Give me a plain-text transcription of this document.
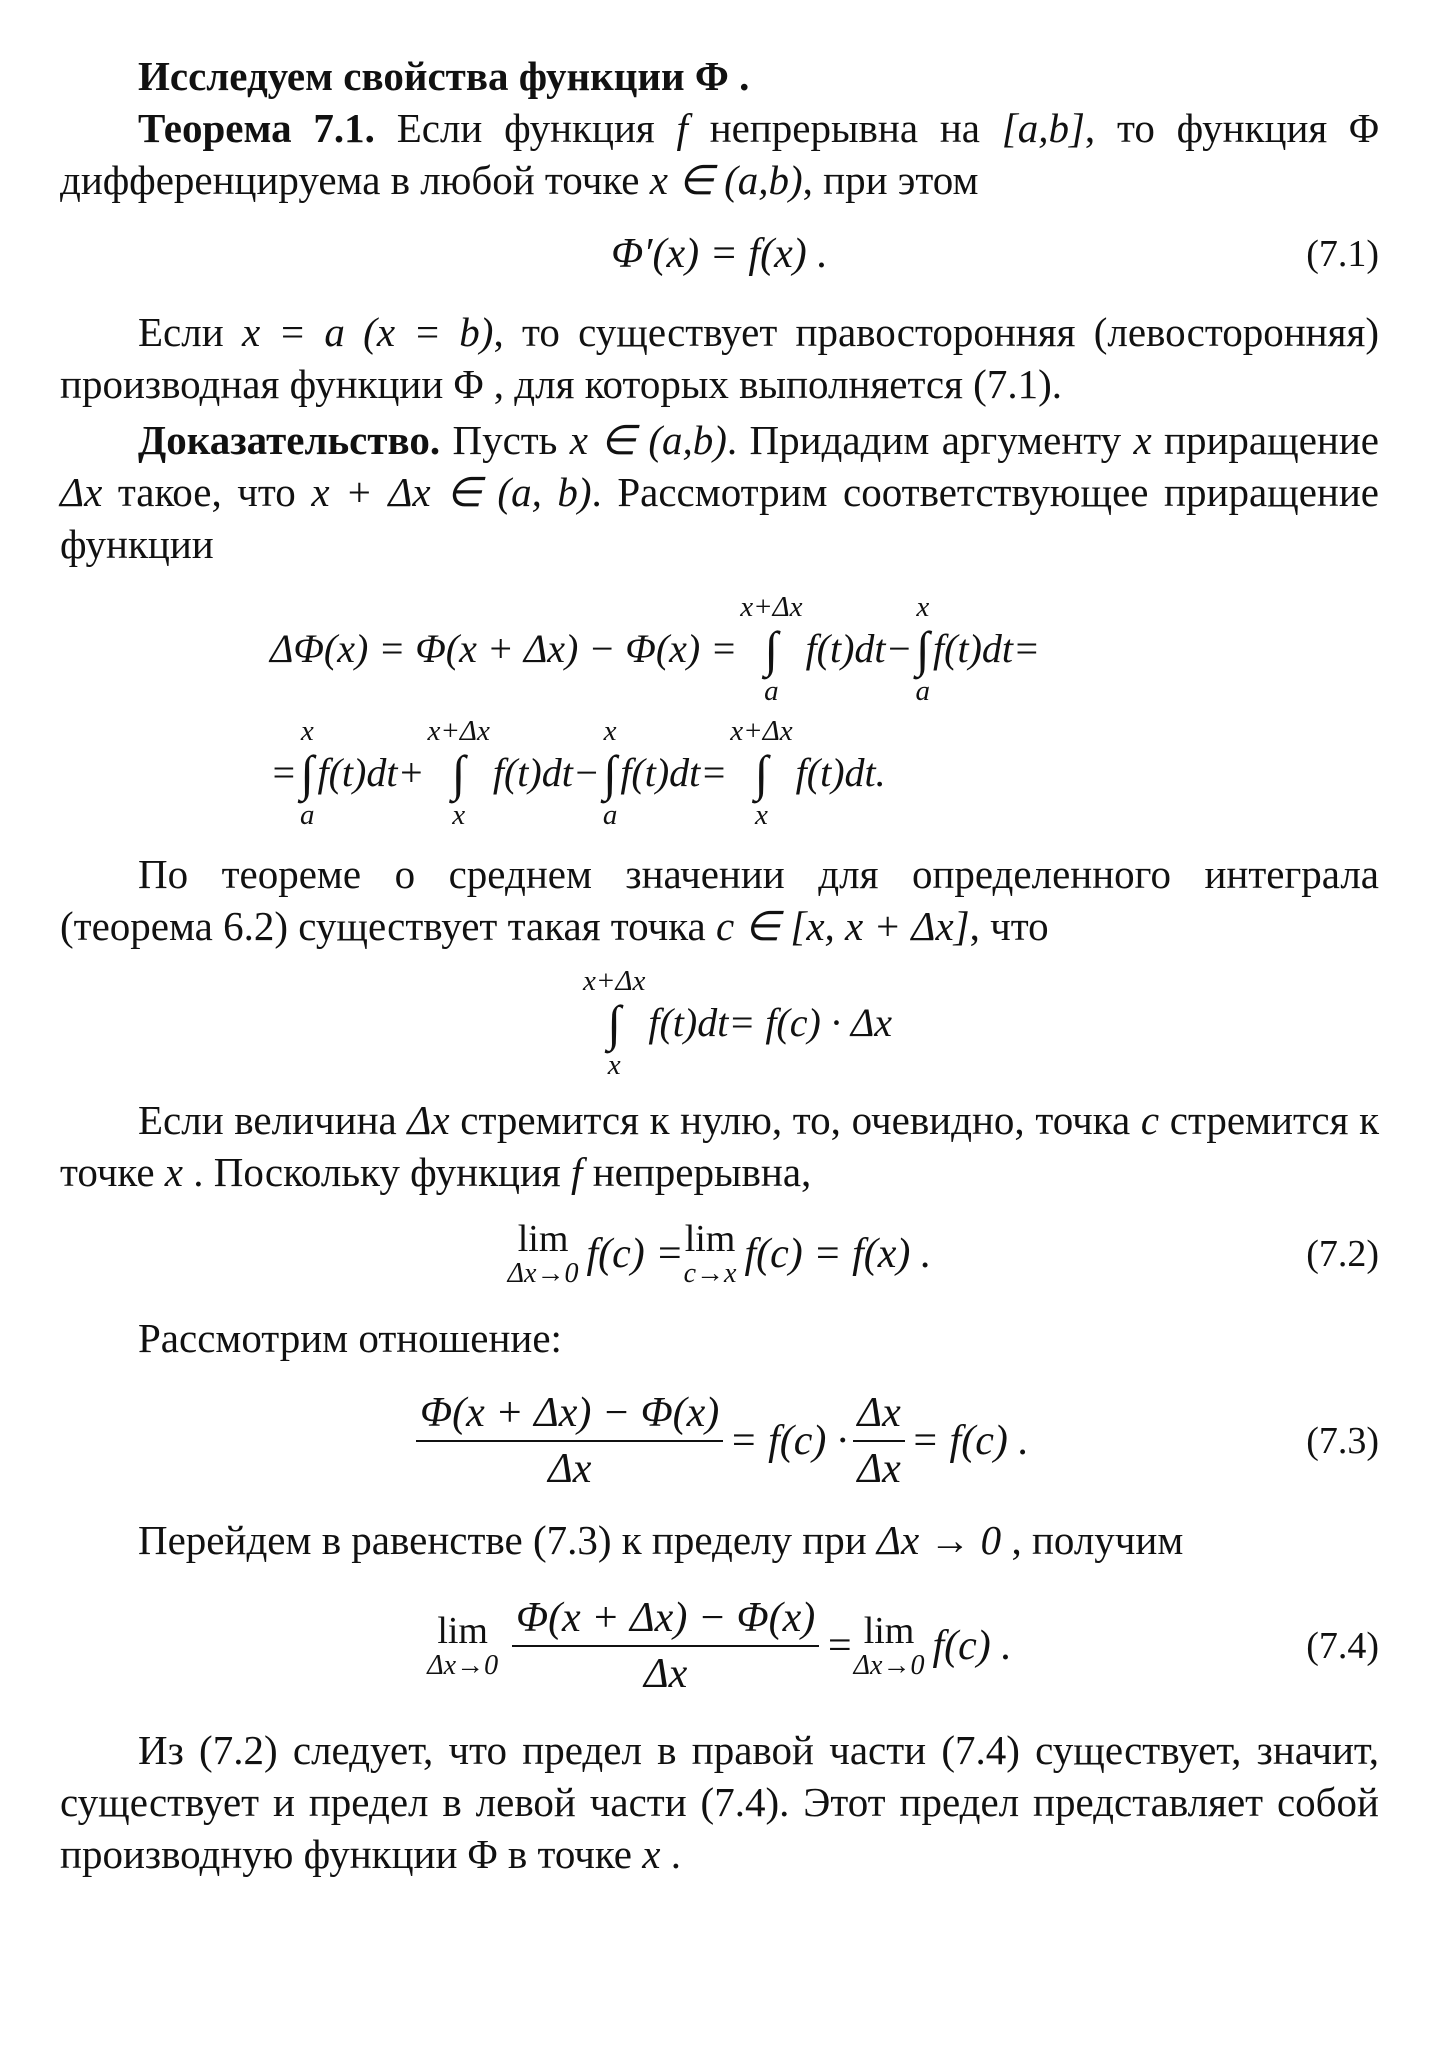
Исследуем свойства функции Φ .

Теорема 7.1. Если функция f непрерывна на [a,b], то функция Φ дифференцируема в любой точке x ∈ (a,b), при этом

Φ′(x) = f(x) .	(7.1)

Если x = a (x = b), то существует правосторонняя (левосторонняя) производная функции Φ , для которых выполняется (7.1).

Доказательство. Пусть x ∈ (a,b). Придадим аргументу x приращение Δx такое, что x + Δx ∈ (a, b). Рассмотрим соответствующее приращение функции

ΔΦ(x) = Φ(x + Δx) − Φ(x) =
x+Δx
∫
a
f(t)dt −
x
∫
a
f(t)dt =
=
x
∫
a
f(t)dt +
x+Δx
∫
x
f(t)dt −
x
∫
a
f(t)dt =
x+Δx
∫
x
f(t)dt .

По теореме о среднем значении для определенного интеграла (теорема 6.2) существует такая точка c ∈ [x, x + Δx], что

x+Δx
∫
x
f(t)dt = f(c) · Δx

Если величина Δx стремится к нулю, то, очевидно, точка c стремится к точке x . Поскольку функция f непрерывна,

lim
Δx→0 f(c) = lim
c→x f(c) = f(x) .	(7.2)

Рассмотрим отношение:

$\frac{\Phi(x + \Delta x) - \Phi(x)}{\Delta x} = f(c) \cdot \frac{\Delta x}{\Delta x} = f(c)$ .	(7.3)

Перейдем в равенстве (7.3) к пределу при Δx → 0 , получим

lim
$\Delta x\to 0 \frac{\Phi(x + \Delta x) - \Phi(x)}{\Delta x} = \lim$
Δx→0 f(c) .	(7.4)

Из (7.2) следует, что предел в правой части (7.4) существует, значит, существует и предел в левой части (7.4). Этот предел представляет собой производную функции Φ в точке x .
